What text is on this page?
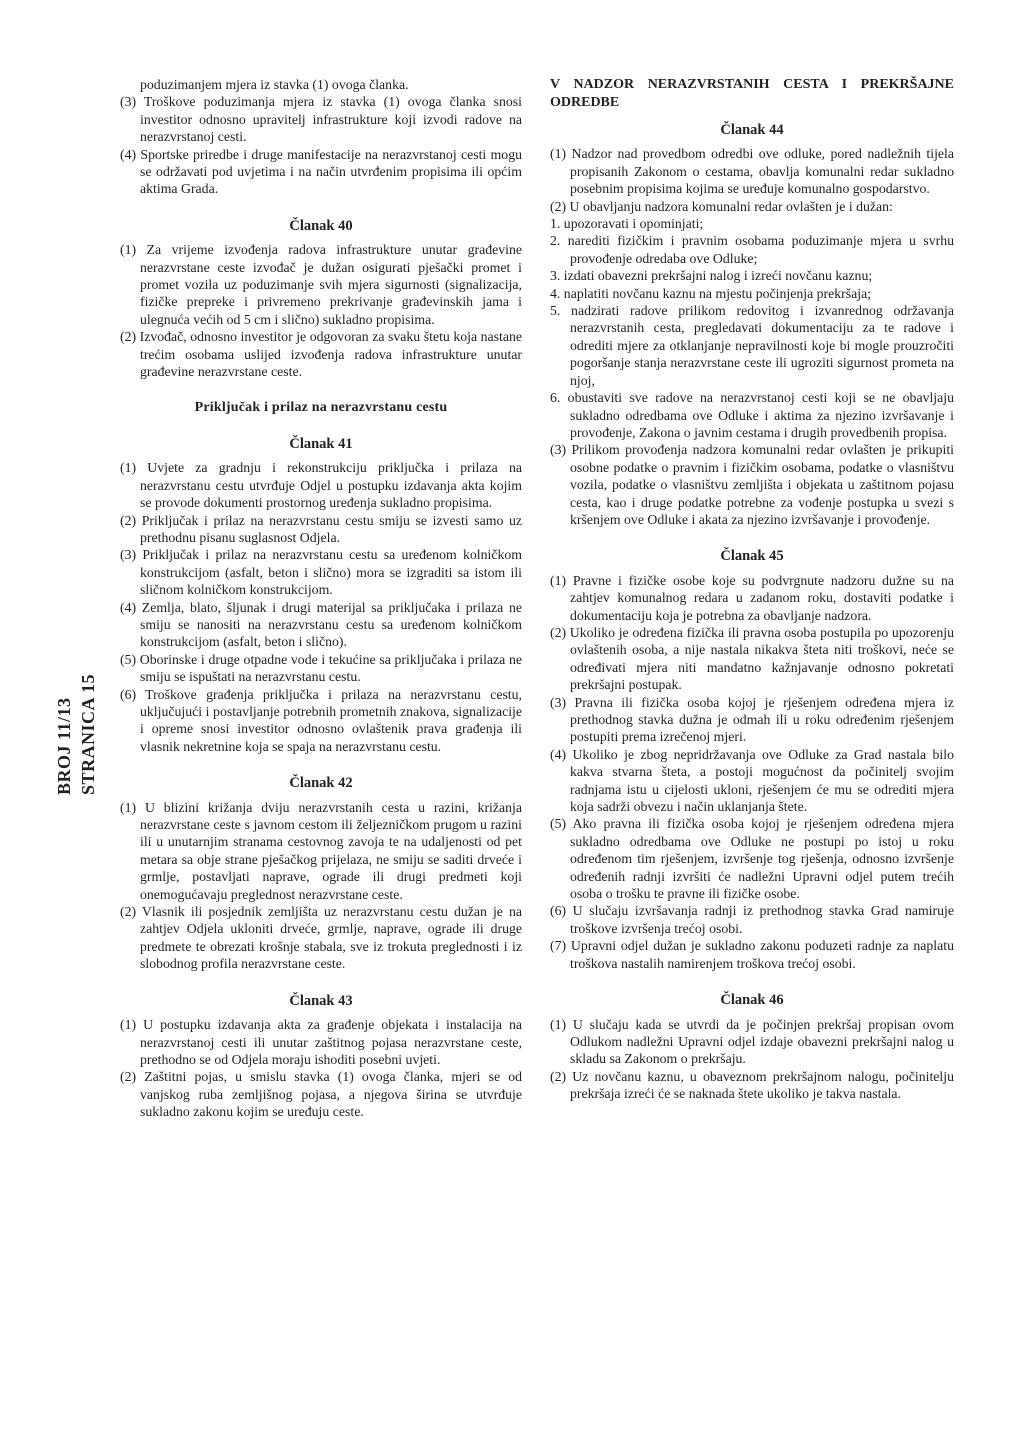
BROJ 11/13 STRANICA 15

poduzimanjem mjera iz stavka (1) ovoga članka.

(3) Troškove poduzimanja mjera iz stavka (1) ovoga članka snosi investitor odnosno upravitelj infrastrukture koji izvodi radove na nerazvrstanoj cesti.

(4) Sportske priredbe i druge manifestacije na nerazvrstanoj cesti mogu se održavati pod uvjetima i na način utvrđenim propisima ili općim aktima Grada.

Članak 40

(1) Za vrijeme izvođenja radova infrastrukture unutar građevine nerazvrstane ceste izvođač je dužan osigurati pješački promet i promet vozila uz poduzimanje svih mjera sigurnosti (signalizacija, fizičke prepreke i privremeno prekrivanje građevinskih jama i ulegnuća većih od 5 cm i slično) sukladno propisima.

(2) Izvođač, odnosno investitor je odgovoran za svaku štetu koja nastane trećim osobama uslijed izvođenja radova infrastrukture unutar građevine nerazvrstane ceste.

Priključak i prilaz na nerazvrstanu cestu
Članak 41

(1) Uvjete za gradnju i rekonstrukciju priključka i prilaza na nerazvrstanu cestu utvrđuje Odjel u postupku izdavanja akta kojim se provode dokumenti prostornog uređenja sukladno propisima.

(2) Priključak i prilaz na nerazvrstanu cestu smiju se izvesti samo uz prethodnu pisanu suglasnost Odjela.

(3) Priključak i prilaz na nerazvrstanu cestu sa uređenom kolničkom konstrukcijom (asfalt, beton i slično) mora se izgraditi sa istom ili sličnom kolničkom konstrukcijom.

(4) Zemlja, blato, šljunak i drugi materijal sa priključaka i prilaza ne smiju se nanositi na nerazvrstanu cestu sa uređenom kolničkom konstrukcijom (asfalt, beton i slično).

(5) Oborinske i druge otpadne vode i tekućine sa priključaka i prilaza ne smiju se ispuštati na nerazvrstanu cestu.

(6) Troškove građenja priključka i prilaza na nerazvrstanu cestu, uključujući i postavljanje potrebnih prometnih znakova, signalizacije i opreme snosi investitor odnosno ovlaštenik prava građenja ili vlasnik nekretnine koja se spaja na nerazvrstanu cestu.

Članak 42

(1) U blizini križanja dviju nerazvrstanih cesta u razini, križanja nerazvrstane ceste s javnom cestom ili željezničkom prugom u razini ili u unutarnjim stranama cestovnog zavoja te na udaljenosti od pet metara sa obje strane pješačkog prijelaza, ne smiju se saditi drveće i grmlje, postavljati naprave, ograde ili drugi predmeti koji onemogućavaju preglednost nerazvrstane ceste.

(2) Vlasnik ili posjednik zemljišta uz nerazvrstanu cestu dužan je na zahtjev Odjela ukloniti drveće, grmlje, naprave, ograde ili druge predmete te obrezati krošnje stabala, sve iz trokuta preglednosti i iz slobodnog profila nerazvrstane ceste.

Članak 43

(1) U postupku izdavanja akta za građenje objekata i instalacija na nerazvrstanoj cesti ili unutar zaštitnog pojasa nerazvrstane ceste, prethodno se od Odjela moraju ishoditi posebni uvjeti.

(2) Zaštitni pojas, u smislu stavka (1) ovoga članka, mjeri se od vanjskog ruba zemljišnog pojasa, a njegova širina se utvrđuje sukladno zakonu kojim se uređuju ceste.

V NADZOR NERAZVRSTANIH CESTA I PREKRŠAJNE ODREDBE
Članak 44

(1) Nadzor nad provedbom odredbi ove odluke, pored nadležnih tijela propisanih Zakonom o cestama, obavlja komunalni redar sukladno posebnim propisima kojima se uređuje komunalno gospodarstvo.

(2) U obavljanju nadzora komunalni redar ovlašten je i dužan:

1. upozoravati i opominjati;

2. narediti fizičkim i pravnim osobama poduzimanje mjera u svrhu provođenje odredaba ove Odluke;

3. izdati obavezni prekršajni nalog i izreći novčanu kaznu;

4. naplatiti novčanu kaznu na mjestu počinjenja prekršaja;

5. nadzirati radove prilikom redovitog i izvanrednog održavanja nerazvrstanih cesta, pregledavati dokumentaciju za te radove i odrediti mjere za otklanjanje nepravilnosti koje bi mogle prouzročiti pogoršanje stanja nerazvrstane ceste ili ugroziti sigurnost prometa na njoj,

6. obustaviti sve radove na nerazvrstanoj cesti koji se ne obavljaju sukladno odredbama ove Odluke i aktima za njezino izvršavanje i provođenje, Zakona o javnim cestama i drugih provedbenih propisa.

(3) Prilikom provođenja nadzora komunalni redar ovlašten je prikupiti osobne podatke o pravnim i fizičkim osobama, podatke o vlasništvu vozila, podatke o vlasništvu zemljišta i objekata u zaštitnom pojasu cesta, kao i druge podatke potrebne za vođenje postupka u svezi s kršenjem ove Odluke i akata za njezino izvršavanje i provođenje.

Članak 45

(1) Pravne i fizičke osobe koje su podvrgnute nadzoru dužne su na zahtjev komunalnog redara u zadanom roku, dostaviti podatke i dokumentaciju koja je potrebna za obavljanje nadzora.

(2) Ukoliko je određena fizička ili pravna osoba postupila po upozorenju ovlaštenih osoba, a nije nastala nikakva šteta niti troškovi, neće se određivati mjera niti mandatno kažnjavanje odnosno pokretati prekršajni postupak.

(3) Pravna ili fizička osoba kojoj je rješenjem određena mjera iz prethodnog stavka dužna je odmah ili u roku određenim rješenjem postupiti prema izrečenoj mjeri.

(4) Ukoliko je zbog nepridržavanja ove Odluke za Grad nastala bilo kakva stvarna šteta, a postoji mogućnost da počinitelj svojim radnjama istu u cijelosti ukloni, rješenjem će mu se odrediti mjera koja sadrži obvezu i način uklanjanja štete.

(5) Ako pravna ili fizička osoba kojoj je rješenjem određena mjera sukladno odredbama ove Odluke ne postupi po istoj u roku određenom tim rješenjem, izvršenje tog rješenja, odnosno izvršenje određenih radnji izvršiti će nadležni Upravni odjel putem trećih osoba o trošku te pravne ili fizičke osobe.

(6) U slučaju izvršavanja radnji iz prethodnog stavka Grad namiruje troškove izvršenja trećoj osobi.

(7) Upravni odjel dužan je sukladno zakonu poduzeti radnje za naplatu troškova nastalih namirenjem troškova trećoj osobi.

Članak 46

(1) U slučaju kada se utvrdi da je počinjen prekršaj propisan ovom Odlukom nadležni Upravni odjel izdaje obavezni prekršajni nalog u skladu sa Zakonom o prekršaju.

(2) Uz novčanu kaznu, u obaveznom prekršajnom nalogu, počinitelju prekršaja izreći će se naknada štete ukoliko je takva nastala.
